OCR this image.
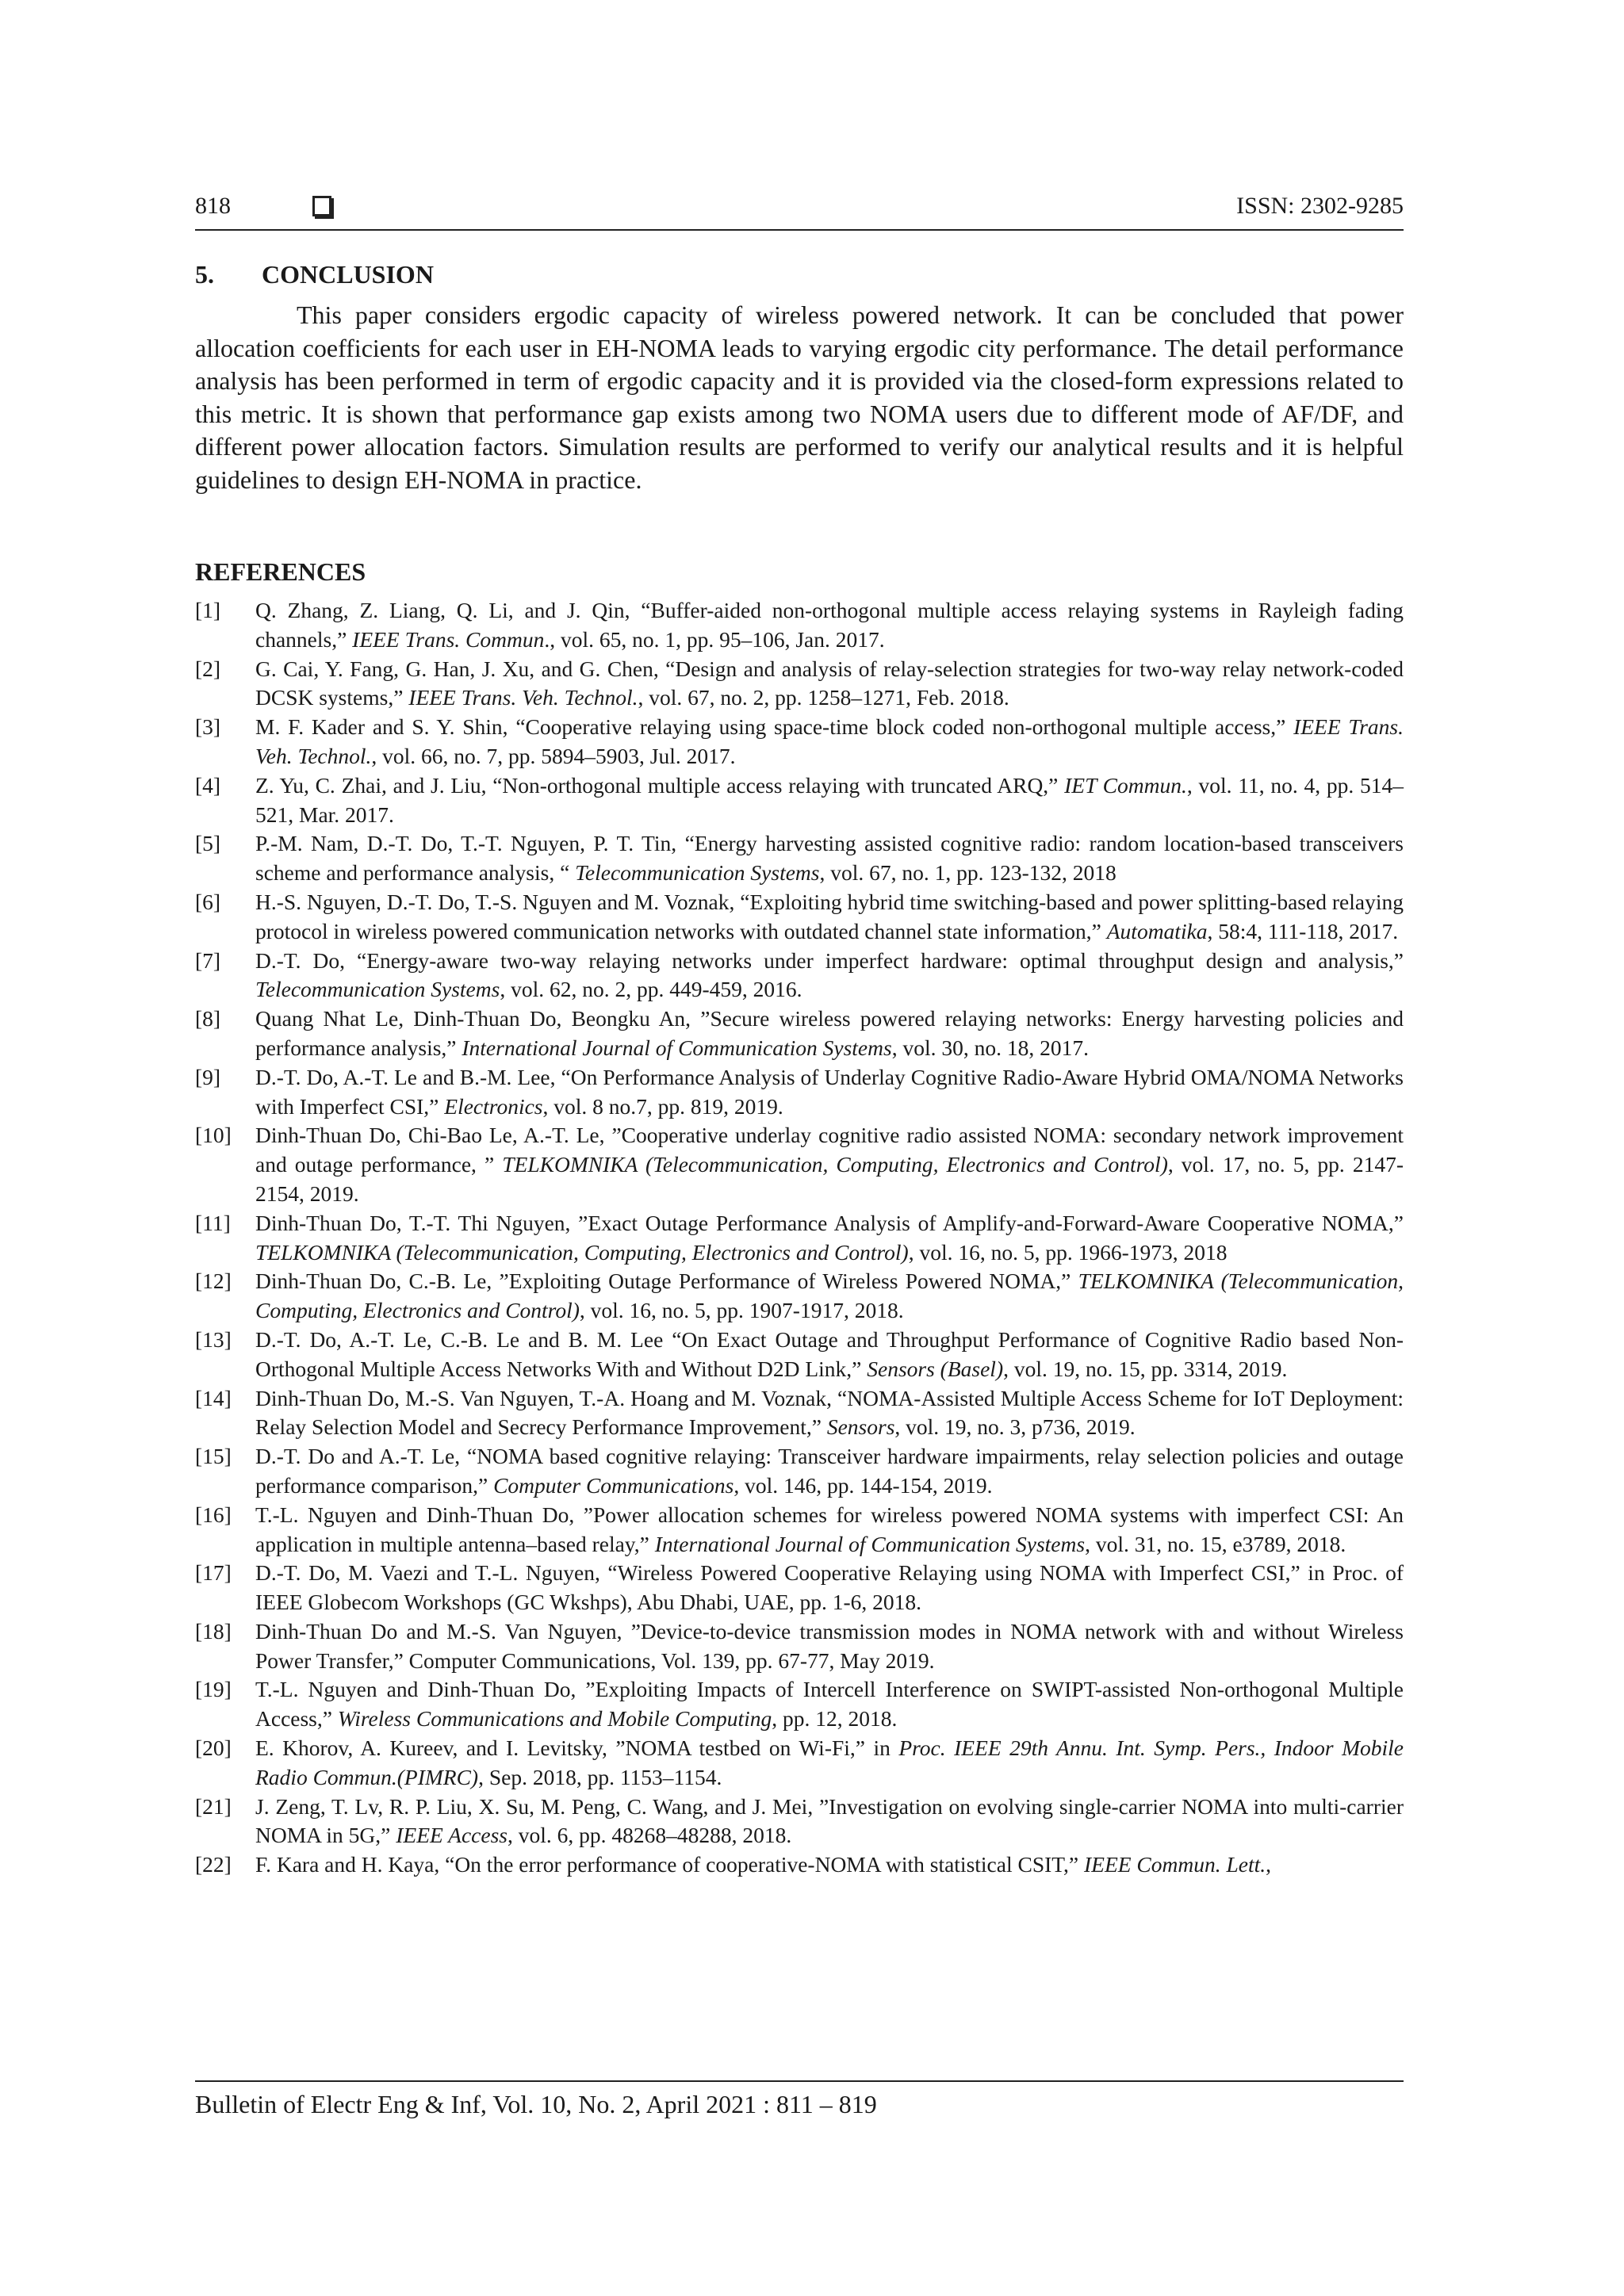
818	ISSN: 2302-9285
5. CONCLUSION
This paper considers ergodic capacity of wireless powered network. It can be concluded that power allocation coefficients for each user in EH-NOMA leads to varying ergodic city performance. The detail performance analysis has been performed in term of ergodic capacity and it is provided via the closed-form expressions related to this metric. It is shown that performance gap exists among two NOMA users due to different mode of AF/DF, and different power allocation factors. Simulation results are performed to verify our analytical results and it is helpful guidelines to design EH-NOMA in practice.
REFERENCES
[1] Q. Zhang, Z. Liang, Q. Li, and J. Qin, “Buffer-aided non-orthogonal multiple access relaying systems in Rayleigh fading channels,” IEEE Trans. Commun., vol. 65, no. 1, pp. 95–106, Jan. 2017.
[2] G. Cai, Y. Fang, G. Han, J. Xu, and G. Chen, “Design and analysis of relay-selection strategies for two-way relay network-coded DCSK systems,” IEEE Trans. Veh. Technol., vol. 67, no. 2, pp. 1258–1271, Feb. 2018.
[3] M. F. Kader and S. Y. Shin, “Cooperative relaying using space-time block coded non-orthogonal multiple access,” IEEE Trans. Veh. Technol., vol. 66, no. 7, pp. 5894–5903, Jul. 2017.
[4] Z. Yu, C. Zhai, and J. Liu, “Non-orthogonal multiple access relaying with truncated ARQ,” IET Commun., vol. 11, no. 4, pp. 514–521, Mar. 2017.
[5] P.-M. Nam, D.-T. Do, T.-T. Nguyen, P. T. Tin, “Energy harvesting assisted cognitive radio: random location-based transceivers scheme and performance analysis, “ Telecommunication Systems, vol. 67, no. 1, pp. 123-132, 2018
[6] H.-S. Nguyen, D.-T. Do, T.-S. Nguyen and M. Voznak, “Exploiting hybrid time switching-based and power splitting-based relaying protocol in wireless powered communication networks with outdated channel state information,” Automatika, 58:4, 111-118, 2017.
[7] D.-T. Do, “Energy-aware two-way relaying networks under imperfect hardware: optimal throughput design and analysis,” Telecommunication Systems, vol. 62, no. 2, pp. 449-459, 2016.
[8] Quang Nhat Le, Dinh-Thuan Do, Beongku An, ”Secure wireless powered relaying networks: Energy harvesting policies and performance analysis,” International Journal of Communication Systems, vol. 30, no. 18, 2017.
[9] D.-T. Do, A.-T. Le and B.-M. Lee, “On Performance Analysis of Underlay Cognitive Radio-Aware Hybrid OMA/NOMA Networks with Imperfect CSI,” Electronics, vol. 8 no.7, pp. 819, 2019.
[10] Dinh-Thuan Do, Chi-Bao Le, A.-T. Le, ”Cooperative underlay cognitive radio assisted NOMA: secondary network improvement and outage performance, ” TELKOMNIKA (Telecommunication, Computing, Electronics and Control), vol. 17, no. 5, pp. 2147-2154, 2019.
[11] Dinh-Thuan Do, T.-T. Thi Nguyen, ”Exact Outage Performance Analysis of Amplify-and-Forward-Aware Cooperative NOMA,” TELKOMNIKA (Telecommunication, Computing, Electronics and Control), vol. 16, no. 5, pp. 1966-1973, 2018
[12] Dinh-Thuan Do, C.-B. Le, ”Exploiting Outage Performance of Wireless Powered NOMA,” TELKOMNIKA (Telecommunication, Computing, Electronics and Control), vol. 16, no. 5, pp. 1907-1917, 2018.
[13] D.-T. Do, A.-T. Le, C.-B. Le and B. M. Lee “On Exact Outage and Throughput Performance of Cognitive Radio based Non-Orthogonal Multiple Access Networks With and Without D2D Link,” Sensors (Basel), vol. 19, no. 15, pp. 3314, 2019.
[14] Dinh-Thuan Do, M.-S. Van Nguyen, T.-A. Hoang and M. Voznak, “NOMA-Assisted Multiple Access Scheme for IoT Deployment: Relay Selection Model and Secrecy Performance Improvement,” Sensors, vol. 19, no. 3, p736, 2019.
[15] D.-T. Do and A.-T. Le, “NOMA based cognitive relaying: Transceiver hardware impairments, relay selection policies and outage performance comparison,” Computer Communications, vol. 146, pp. 144-154, 2019.
[16] T.-L. Nguyen and Dinh-Thuan Do, ”Power allocation schemes for wireless powered NOMA systems with imperfect CSI: An application in multiple antenna–based relay,” International Journal of Communication Systems, vol. 31, no. 15, e3789, 2018.
[17] D.-T. Do, M. Vaezi and T.-L. Nguyen, “Wireless Powered Cooperative Relaying using NOMA with Imperfect CSI,” in Proc. of IEEE Globecom Workshops (GC Wkshps), Abu Dhabi, UAE, pp. 1-6, 2018.
[18] Dinh-Thuan Do and M.-S. Van Nguyen, ”Device-to-device transmission modes in NOMA network with and without Wireless Power Transfer,” Computer Communications, Vol. 139, pp. 67-77, May 2019.
[19] T.-L. Nguyen and Dinh-Thuan Do, ”Exploiting Impacts of Intercell Interference on SWIPT-assisted Non-orthogonal Multiple Access,” Wireless Communications and Mobile Computing, pp. 12, 2018.
[20] E. Khorov, A. Kureev, and I. Levitsky, ”NOMA testbed on Wi-Fi,” in Proc. IEEE 29th Annu. Int. Symp. Pers., Indoor Mobile Radio Commun.(PIMRC), Sep. 2018, pp. 1153–1154.
[21] J. Zeng, T. Lv, R. P. Liu, X. Su, M. Peng, C. Wang, and J. Mei, ”Investigation on evolving single-carrier NOMA into multi-carrier NOMA in 5G,” IEEE Access, vol. 6, pp. 48268–48288, 2018.
[22] F. Kara and H. Kaya, “On the error performance of cooperative-NOMA with statistical CSIT,” IEEE Commun. Lett.,
Bulletin of Electr Eng & Inf, Vol. 10, No. 2, April 2021 : 811 – 819
